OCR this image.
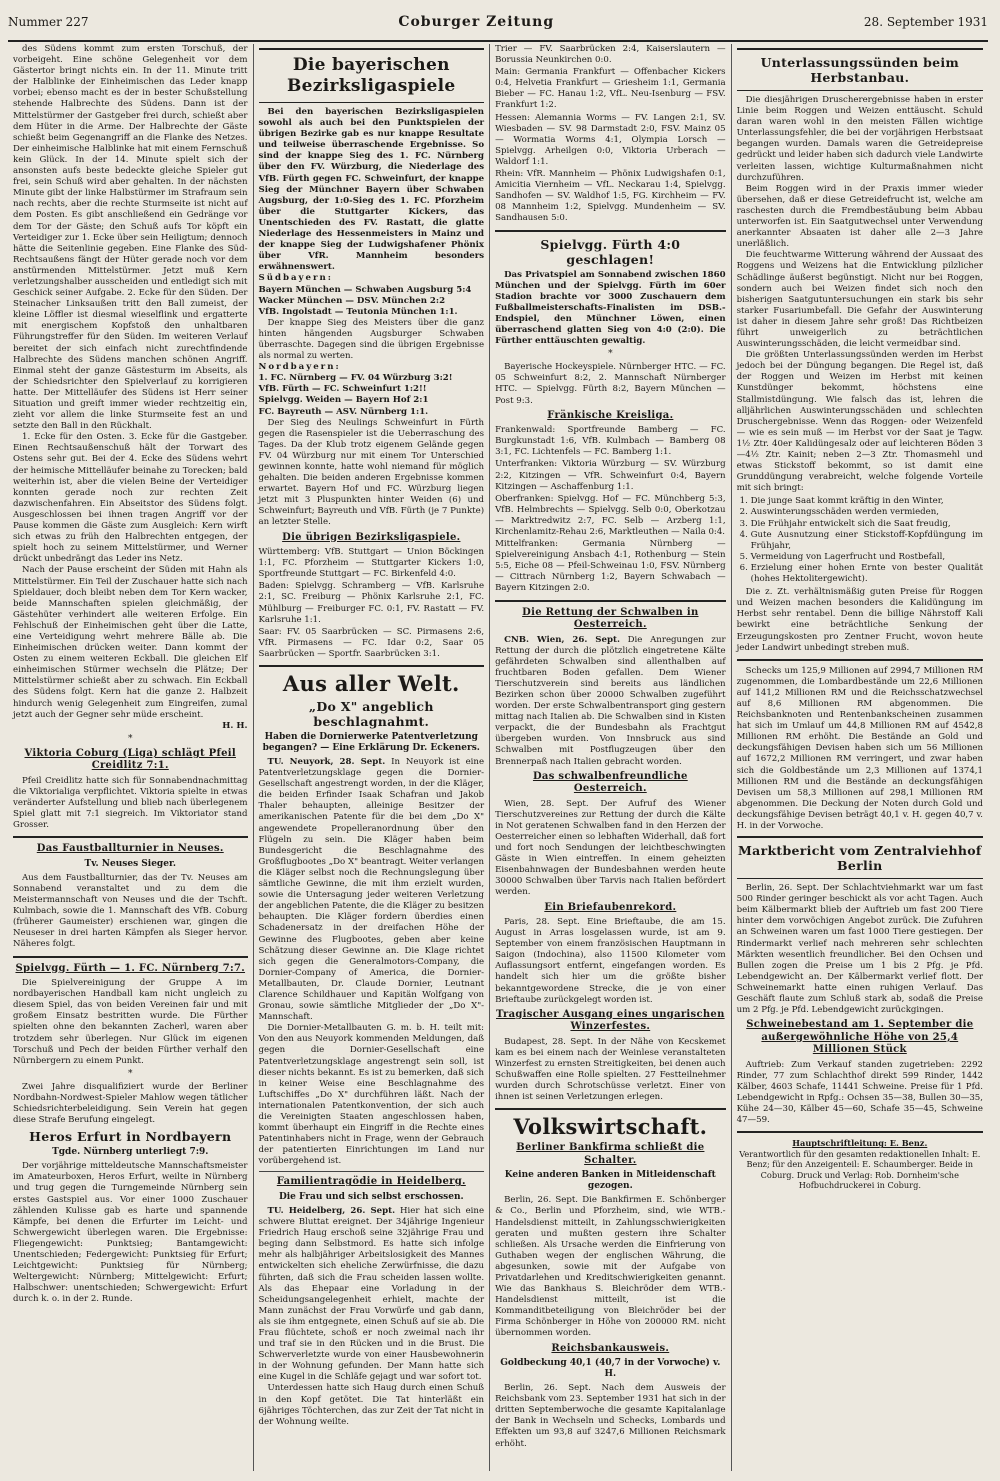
Nummer 227	Coburger Zeitung	28. September 1931

des Südens kommt zum ersten Torschuß, der vorbeigeht. Eine schöne Gelegenheit vor dem Gästertor bringt nichts ein. In der 11. Minute tritt der Halblinke der Einheimischen das Leder knapp vorbei; ebenso macht es der in bester Schußstellung stehende Halbrechte des Südens. Dann ist der Mittelstürmer der Gastgeber frei durch, schießt aber dem Hüter in die Arme. Der Halbrechte der Gäste schießt beim Gegenangriff an die Flanke des Netzes. Der einheimische Halblinke hat mit einem Fernschuß kein Glück. In der 14. Minute spielt sich der ansonsten aufs beste bedeckte gleiche Spieler gut frei, sein Schuß wird aber gehalten. In der nächsten Minute gibt der linke Halbstürmer im Strafraum sein nach rechts, aber die rechte Sturmseite ist nicht auf dem Posten. Es gibt anschließend ein Gedränge vor dem Tor der Gäste; den Schuß aufs Tor köpft ein Verteidiger zur 1. Ecke über sein Heiligtum; dennoch hätte die Seitenlinie gegeben. Eine Flanke des Süd-Rechtsaußens fängt der Hüter gerade noch vor dem anstürmenden Mittelstürmer. Jetzt muß Kern verletzungshalber ausscheiden und entledigt sich mit Geschick seiner Aufgabe. 2. Ecke für den Süden. Der Steinacher Linksaußen tritt den Ball zumeist, der kleine Löffler ist diesmal wieselflink und ergatterte mit energischem Kopfstoß den unhaltbaren Führungstreffer für den Süden. Im weiteren Verlauf bereitet der sich einfach nicht zurechtfindende Halbrechte des Südens manchen schönen Angriff. Einmal steht der ganze Gästesturm im Abseits, als der Schiedsrichter den Spielverlauf zu korrigieren hatte. Der Mittelläufer des Südens ist Herr seiner Situation und greift immer wieder rechtzeitig ein, zieht vor allem die linke Sturmseite fest an und setzte den Ball in den Rückhalt.

1. Ecke für den Osten. 3. Ecke für die Gastgeber. Einen Rechtsaußenschuß hält der Torwart des Ostens sehr gut. Bei der 4. Ecke des Südens wehrt der heimische Mittelläufer beinahe zu Torecken; bald weiterhin ist, aber die vielen Beine der Verteidiger konnten gerade noch zur rechten Zeit dazwischenfahren. Ein Abseitstor des Südens folgt. Ausgeschlossen bei ihnen tragen Angriff vor der Pause kommen die Gäste zum Ausgleich: Kern wirft sich etwas zu früh den Halbrechten entgegen, der spielt hoch zu seinem Mittelstürmer, und Werner drückt unbedrängt das Leder ins Netz.

Nach der Pause erscheint der Süden mit Hahn als Mittelstürmer. Ein Teil der Zuschauer hatte sich nach Spieldauer, doch bleibt neben dem Tor Kern wacker, beide Mannschaften spielen gleichmäßig, der Gästehüter verhindert alle weiteren Erfolge. Ein Fehlschuß der Einheimischen geht über die Latte, eine Verteidigung wehrt mehrere Bälle ab. Die Einheimischen drücken weiter. Dann kommt der Osten zu einem weiteren Eckball. Die gleichen Elf einheimischen Stürmer wechseln die Plätze; Der Mittelstürmer schießt aber zu schwach. Ein Eckball des Südens folgt. Kern hat die ganze 2. Halbzeit hindurch wenig Gelegenheit zum Eingreifen, zumal jetzt auch der Gegner sehr müde erscheint.

H. H.
*
Viktoria Coburg (Liga) schlägt Pfeil Creidlitz 7:1.

Pfeil Creidlitz hatte sich für Sonnabendnachmittag die Viktorialiga verpflichtet. Viktoria spielte in etwas veränderter Aufstellung und blieb nach überlegenem Spiel glatt mit 7:1 siegreich. Im Viktoriator stand Grosser.

Das Faustballturnier in Neuses.
Tv. Neuses Sieger.

Aus dem Faustballturnier, das der Tv. Neuses am Sonnabend veranstaltet und zu dem die Meistermannschaft von Neuses und die der Tschft. Kulmbach, sowie die 1. Mannschaft des VfB. Coburg (früherer Gaumeister) erschienen war, gingen die Neuseser in drei harten Kämpfen als Sieger hervor. Näheres folgt.

Spielvgg. Fürth — 1. FC. Nürnberg 7:7.

Die Spielvereinigung der Gruppe A im nordbayerischen Handball kam nicht ungleich zu diesem Spiel, das von beiden Vereinen fair und mit großem Einsatz bestritten wurde. Die Fürther spielten ohne den bekannten Zacherl, waren aber trotzdem sehr überlegen. Nur Glück im eigenen Torschuß und Pech der beiden Fürther verhalf den Nürnbergern zu einem Punkt.

*

Zwei Jahre disqualifiziert wurde der Berliner Nordbahn-Nordwest-Spieler Mahlow wegen tätlicher Schiedsrichterbeleidigung. Sein Verein hat gegen diese Strafe Berufung eingelegt.

Heros Erfurt in Nordbayern
Tgde. Nürnberg unterliegt 7:9.

Der vorjährige mitteldeutsche Mannschaftsmeister im Amateurboxen, Heros Erfurt, weilte in Nürnberg und trug gegen die Turngemeinde Nürnberg sein erstes Gastspiel aus. Vor einer 1000 Zuschauer zählenden Kulisse gab es harte und spannende Kämpfe, bei denen die Erfurter im Leicht- und Schwergewicht überlegen waren. Die Ergebnisse: Fliegengewicht: Punktsieg; Bantamgewicht: Unentschieden; Federgewicht: Punktsieg für Erfurt; Leichtgewicht: Punktsieg für Nürnberg; Weltergewicht: Nürnberg; Mittelgewicht: Erfurt; Halbschwer: unentschieden; Schwergewicht: Erfurt durch k. o. in der 2. Runde.

Die bayerischen Bezirksligaspiele

Bei den bayerischen Bezirksligaspielen sowohl als auch bei den Punktspielen der übrigen Bezirke gab es nur knappe Resultate und teilweise überraschende Ergebnisse. So sind der knappe Sieg des 1. FC. Nürnberg über den FV. Würzburg, die Niederlage des VfB. Fürth gegen FC. Schweinfurt, der knappe Sieg der Münchner Bayern über Schwaben Augsburg, der 1:0-Sieg des 1. FC. Pforzheim über die Stuttgarter Kickers, das Unentschieden des FV. Rastatt, die glatte Niederlage des Hessenmeisters in Mainz und der knappe Sieg der Ludwigshafener Phönix über VfR. Mannheim besonders erwähnenswert.

Südbayern:
Bayern München — Schwaben Augsburg 5:4
Wacker München — DSV. München 2:2
VfB. Ingolstadt — Teutonia München 1:1.

Der knappe Sieg des Meisters über die ganz hinten hängenden Augsburger Schwaben überraschte. Dagegen sind die übrigen Ergebnisse als normal zu werten.

Nordbayern:
1. FC. Nürnberg — FV. 04 Würzburg 3:2!
VfB. Fürth — FC. Schweinfurt 1:2!!
Spielvgg. Weiden — Bayern Hof 2:1
FC. Bayreuth — ASV. Nürnberg 1:1.

Der Sieg des Neulings Schweinfurt in Fürth gegen die Rasenspieler ist die Ueberraschung des Tages. Da der Klub trotz eigenem Gelände gegen FV. 04 Würzburg nur mit einem Tor Unterschied gewinnen konnte, hatte wohl niemand für möglich gehalten. Die beiden anderen Ergebnisse kommen erwartet. Bayern Hof und FC. Würzburg liegen jetzt mit 3 Pluspunkten hinter Weiden (6) und Schweinfurt; Bayreuth und VfB. Fürth (je 7 Punkte) an letzter Stelle.

Die übrigen Bezirksligaspiele.
Württemberg: VfB. Stuttgart — Union Böckingen 1:1, FC. Pforzheim — Stuttgarter Kickers 1:0, Sportfreunde Stuttgart — FC. Birkenfeld 4:0.
Baden: Spielvgg. Schramberg — VfB. Karlsruhe 2:1, SC. Freiburg — Phönix Karlsruhe 2:1, FC. Mühlburg — Freiburger FC. 0:1, FV. Rastatt — FV. Karlsruhe 1:1.
Saar: FV. 05 Saarbrücken — SC. Pirmasens 2:6, VfR. Pirmasens — FC. Idar 0:2, Saar 05 Saarbrücken — Sportfr. Saarbrücken 3:1.
Aus aller Welt.
„Do X" angeblich beschlagnahmt.
Haben die Dornierwerke Patentverletzung begangen? — Eine Erklärung Dr. Eckeners.

TU. Neuyork, 28. Sept. In Neuyork ist eine Patentverletzungsklage gegen die Dornier-Gesellschaft angestrengt worden, in der die Kläger, die beiden Erfinder Isaak Schafran und Jakob Thaler behaupten, alleinige Besitzer der amerikanischen Patente für die bei dem „Do X" angewendete Propelleranordnung über den Flügeln zu sein. Die Kläger haben beim Bundesgericht die Beschlagnahme des Großflugbootes „Do X" beantragt. Weiter verlangen die Kläger selbst noch die Rechnungslegung über sämtliche Gewinne, die mit ihm erzielt wurden, sowie die Untersagung jeder weiteren Verletzung der angeblichen Patente, die die Kläger zu besitzen behaupten. Die Kläger fordern überdies einen Schadenersatz in der dreifachen Höhe der Gewinne des Flugbootes, geben aber keine Schätzung dieser Gewinne an. Die Klage richtet sich gegen die Generalmotors-Company, die Dornier-Company of America, die Dornier-Metallbauten, Dr. Claude Dornier, Leutnant Clarence Schildhauer und Kapitän Wolfgang von Gronau, sowie sämtliche Mitglieder der „Do X"-Mannschaft.

Die Dornier-Metallbauten G. m. b. H. teilt mit: Von den aus Neuyork kommenden Meldungen, daß gegen die Dornier-Gesellschaft eine Patentverletzungsklage angestrengt sein soll, ist dieser nichts bekannt. Es ist zu bemerken, daß sich in keiner Weise eine Beschlagnahme des Luftschiffes „Do X" durchführen läßt. Nach der internationalen Patentkonvention, der sich auch die Vereinigten Staaten angeschlossen haben, kommt überhaupt ein Eingriff in die Rechte eines Patentinhabers nicht in Frage, wenn der Gebrauch der patentierten Einrichtungen im Land nur vorübergehend ist.

Familientragödie in Heidelberg.
Die Frau und sich selbst erschossen.

TU. Heidelberg, 26. Sept. Hier hat sich eine schwere Bluttat ereignet. Der 34jährige Ingenieur Friedrich Haug erschoß seine 32jährige Frau und beging dann Selbstmord. Es hatte sich infolge mehr als halbjähriger Arbeitslosigkeit des Mannes entwickelten sich eheliche Zerwürfnisse, die dazu führten, daß sich die Frau scheiden lassen wollte. Als das Ehepaar eine Vorladung in der Scheidungsangelegenheit erhielt, machte der Mann zunächst der Frau Vorwürfe und gab dann, als sie ihm entgegnete, einen Schuß auf sie ab. Die Frau flüchtete, schoß er noch zweimal nach ihr und traf sie in den Rücken und in die Brust. Die Schwerverletzte wurde von einer Hausbewohnerin in der Wohnung gefunden. Der Mann hatte sich eine Kugel in die Schläfe gejagt und war sofort tot.

Unterdessen hatte sich Haug durch einen Schuß in den Kopf getötet. Die Tat hinterläßt ein 6jähriges Töchterchen, das zur Zeit der Tat nicht in der Wohnung weilte.

Trier — FV. Saarbrücken 2:4, Kaiserslautern — Borussia Neunkirchen 0:0.
Main: Germania Frankfurt — Offenbacher Kickers 0:4, Helvetia Frankfurt — Griesheim 1:1, Germania Bieber — FC. Hanau 1:2, VfL. Neu-Isenburg — FSV. Frankfurt 1:2.
Hessen: Alemannia Worms — FV. Langen 2:1, SV. Wiesbaden — SV. 98 Darmstadt 2:0, FSV. Mainz 05 — Wormatia Worms 4:1, Olympia Lorsch — Spielvgg. Arheilgen 0:0, Viktoria Urberach — Waldorf 1:1.
Rhein: VfR. Mannheim — Phönix Ludwigshafen 0:1, Amicitia Viernheim — VfL. Neckarau 1:4, Spielvgg. Sandhofen — SV. Waldhof 1:5, FG. Kirchheim — FV. 08 Mannheim 1:2, Spielvgg. Mundenheim — SV. Sandhausen 5:0.
Spielvgg. Fürth 4:0 geschlagen!

Das Privatspiel am Sonnabend zwischen 1860 München und der Spielvgg. Fürth im 60er Stadion brachte vor 3000 Zuschauern dem Fußballmeisterschafts-Finalisten im DSB.-Endspiel, den Münchner Löwen, einen überraschend glatten Sieg von 4:0 (2:0). Die Fürther enttäuschten gewaltig.

*

Bayerische Hockeyspiele. Nürnberger HTC. — FC. 05 Schweinfurt 8:2, 2. Mannschaft Nürnberger HTC. — Spielvgg. Fürth 8:2, Bayern München — Post 9:3.

Fränkische Kreisliga.
Frankenwald: Sportfreunde Bamberg — FC. Burgkunstadt 1:6, VfB. Kulmbach — Bamberg 08 3:1, FC. Lichtenfels — FC. Bamberg 1:1.
Unterfranken: Viktoria Würzburg — SV. Würzburg 2:2, Kitzingen — VfR. Schweinfurt 0:4, Bayern Kitzingen — Aschaffenburg 1:1.
Oberfranken: Spielvgg. Hof — FC. Münchberg 5:3, VfB. Helmbrechts — Spielvgg. Selb 0:0, Oberkotzau — Marktredwitz 2:7, FC. Selb — Arzberg 1:1, Kirchenlamitz-Rehau 2:6, Marktleuthen — Naila 0:4.
Mittelfranken: Germania Nürnberg — Spielvereinigung Ansbach 4:1, Rothenburg — Stein 5:5, Eiche 08 — Pfeil-Schweinau 1:0, FSV. Nürnberg — Cittrach Nürnberg 1:2, Bayern Schwabach — Bayern Kitzingen 2:0.
Die Rettung der Schwalben in Oesterreich.

CNB. Wien, 26. Sept. Die Anregungen zur Rettung der durch die plötzlich eingetretene Kälte gefährdeten Schwalben sind allenthalben auf fruchtbaren Boden gefallen. Dem Wiener Tierschutzverein sind bereits aus ländlichen Bezirken schon über 20000 Schwalben zugeführt worden. Der erste Schwalbentransport ging gestern mittag nach Italien ab. Die Schwalben sind in Kisten verpackt, die der Bundesbahn als Frachtgut übergeben wurden. Von Innsbruck aus sind Schwalben mit Postflugzeugen über den Brennerpaß nach Italien gebracht worden.

Das schwalbenfreundliche Oesterreich.

Wien, 28. Sept. Der Aufruf des Wiener Tierschutzvereines zur Rettung der durch die Kälte in Not geratenen Schwalben fand in den Herzen der Oesterreicher einen so lebhaften Widerhall, daß fort und fort noch Sendungen der leichtbeschwingten Gäste in Wien eintreffen. In einem geheizten Eisenbahnwagen der Bundesbahnen werden heute 30000 Schwalben über Tarvis nach Italien befördert werden.

Ein Briefaubenrekord.

Paris, 28. Sept. Eine Brieftaube, die am 15. August in Arras losgelassen wurde, ist am 9. September von einem französischen Hauptmann in Saigon (Indochina), also 11500 Kilometer vom Auflassungsort entfernt, eingefangen worden. Es handelt sich hier um die größte bisher bekanntgewordene Strecke, die je von einer Brieftaube zurückgelegt worden ist.

Tragischer Ausgang eines ungarischen Winzerfestes.

Budapest, 28. Sept. In der Nähe von Kecskemet kam es bei einem nach der Weinlese veranstalteten Winzerfest zu ernsten Streitigkeiten, bei denen auch Schußwaffen eine Rolle spielten. 27 Festteilnehmer wurden durch Schrotschüsse verletzt. Einer von ihnen ist seinen Verletzungen erlegen.

Volkswirtschaft.
Berliner Bankfirma schließt die Schalter.
Keine anderen Banken in Mitleidenschaft gezogen.

Berlin, 26. Sept. Die Bankfirmen E. Schönberger & Co., Berlin und Pforzheim, sind, wie WTB.-Handelsdienst mitteilt, in Zahlungsschwierigkeiten geraten und mußten gestern ihre Schalter schließen. Als Ursache werden die Einfrierung von Guthaben wegen der englischen Währung, die abgesunken, sowie mit der Aufgabe von Privatdarlehen und Kreditschwierigkeiten genannt. Wie das Bankhaus S. Bleichröder dem WTB.-Handelsdienst mitteilt, ist die Kommanditbeteiligung von Bleichröder bei der Firma Schönberger in Höhe von 200000 RM. nicht übernommen worden.

Reichsbankausweis.
Goldbeckung 40,1 (40,7 in der Vorwoche) v. H.

Berlin, 26. Sept. Nach dem Ausweis der Reichsbank vom 23. September 1931 hat sich in der dritten Septemberwoche die gesamte Kapitalanlage der Bank in Wechseln und Schecks, Lombards und Effekten um 93,8 auf 3247,6 Millionen Reichsmark erhöht.

Unterlassungssünden beim Herbstanbau.

Die diesjährigen Druscherergebnisse haben in erster Linie beim Roggen und Weizen enttäuscht. Schuld daran waren wohl in den meisten Fällen wichtige Unterlassungsfehler, die bei der vorjährigen Herbstsaat begangen wurden. Damals waren die Getreidepreise gedrückt und leider haben sich dadurch viele Landwirte verleiten lassen, wichtige Kulturmaßnahmen nicht durchzuführen.

Beim Roggen wird in der Praxis immer wieder übersehen, daß er diese Getreidefrucht ist, welche am raschesten durch die Fremdbestäubung beim Abbau unterworfen ist. Ein Saatgutwechsel unter Verwendung anerkannter Absaaten ist daher alle 2—3 Jahre unerläßlich.

Die feuchtwarme Witterung während der Aussaat des Roggens und Weizens hat die Entwicklung pilzlicher Schädlinge äußerst begünstigt. Nicht nur bei Roggen, sondern auch bei Weizen findet sich noch den bisherigen Saatgutuntersuchungen ein stark bis sehr starker Fusariumbefall. Die Gefahr der Auswinterung ist daher in diesem Jahre sehr groß! Das Richtbeizen führt unweigerlich zu beträchtlichen Auswinterungsschäden, die leicht vermeidbar sind.

Die größten Unterlassungssünden werden im Herbst jedoch bei der Düngung begangen. Die Regel ist, daß der Roggen und Weizen im Herbst mit keinen Kunstdünger bekommt, höchstens eine Stallmistdüngung. Wie falsch das ist, lehren die alljährlichen Auswinterungsschäden und schlechten Druschergebnisse. Wenn das Roggen- oder Weizenfeld — wie es sein muß — im Herbst vor der Saat je Tagw. 1½ Ztr. 40er Kalidüngesalz oder auf leichteren Böden 3—4½ Ztr. Kainit; neben 2—3 Ztr. Thomasmehl und etwas Stickstoff bekommt, so ist damit eine Grunddüngung verabreicht, welche folgende Vorteile mit sich bringt:

1. Die junge Saat kommt kräftig in den Winter,
2. Auswinterungsschäden werden vermieden,
3. Die Frühjahr entwickelt sich die Saat freudig,
4. Gute Ausnutzung einer Stickstoff-Kopfdüngung im Frühjahr,
5. Vermeidung von Lagerfrucht und Rostbefall,
6. Erzielung einer hohen Ernte von bester Qualität (hohes Hektolitergewicht).

Die z. Zt. verhältnismäßig guten Preise für Roggen und Weizen machen besonders die Kalidüngung im Herbst sehr rentabel. Denn die billige Nährstoff Kali bewirkt eine beträchtliche Senkung der Erzeugungskosten pro Zentner Frucht, wovon heute jeder Landwirt unbedingt streben muß.

Schecks um 125,9 Millionen auf 2994,7 Millionen RM zugenommen, die Lombardbestände um 22,6 Millionen auf 141,2 Millionen RM und die Reichsschatzwechsel auf 8,6 Millionen RM abgenommen. Die Reichsbanknoten und Rentenbankscheinen zusammen hat sich im Umlauf um 44,8 Millionen RM auf 4542,8 Millionen RM erhöht. Die Bestände an Gold und deckungsfähigen Devisen haben sich um 56 Millionen auf 1672,2 Millionen RM verringert, und zwar haben sich die Goldbestände um 2,3 Millionen auf 1374,1 Millionen RM und die Bestände an deckungsfähigen Devisen um 58,3 Millionen auf 298,1 Millionen RM abgenommen. Die Deckung der Noten durch Gold und deckungsfähige Devisen beträgt 40,1 v. H. gegen 40,7 v. H. in der Vorwoche.

Marktbericht vom Zentralviehhof Berlin

Berlin, 26. Sept. Der Schlachtviehmarkt war um fast 500 Rinder geringer beschickt als vor acht Tagen. Auch beim Kälbermarkt blieb der Auftrieb um fast 200 Tiere hinter dem vorwöchigen Angebot zurück. Die Zufuhren an Schweinen waren um fast 1000 Tiere gestiegen. Der Rindermarkt verlief nach mehreren sehr schlechten Märkten wesentlich freundlicher. Bei den Ochsen und Bullen zogen die Preise um 1 bis 2 Pfg. je Pfd. Lebendgewicht an. Der Kälbermarkt verlief flott. Der Schweinemarkt hatte einen ruhigen Verlauf. Das Geschäft flaute zum Schluß stark ab, sodaß die Preise um 2 Pfg. je Pfd. Lebendgewicht zurückgingen.

Schweinebestand am 1. September die außergewöhnliche Höhe von 25,4 Millionen Stück

Auftrieb: Zum Verkauf standen zugetrieben: 2292 Rinder, 77 zum Schlachthof direkt 599 Rinder, 1442 Kälber, 4603 Schafe, 11441 Schweine. Preise für 1 Pfd. Lebendgewicht in Rpfg.: Ochsen 35—38, Bullen 30—35, Kühe 24—30, Kälber 45—60, Schafe 35—45, Schweine 47—59.

Hauptschriftleitung: E. Benz.
Verantwortlich für den gesamten redaktionellen Inhalt: E. Benz; für den Anzeigenteil: E. Schaumberger. Beide in Coburg. Druck und Verlag: Rob. Dornheim'sche Hofbuchdruckerei in Coburg.
